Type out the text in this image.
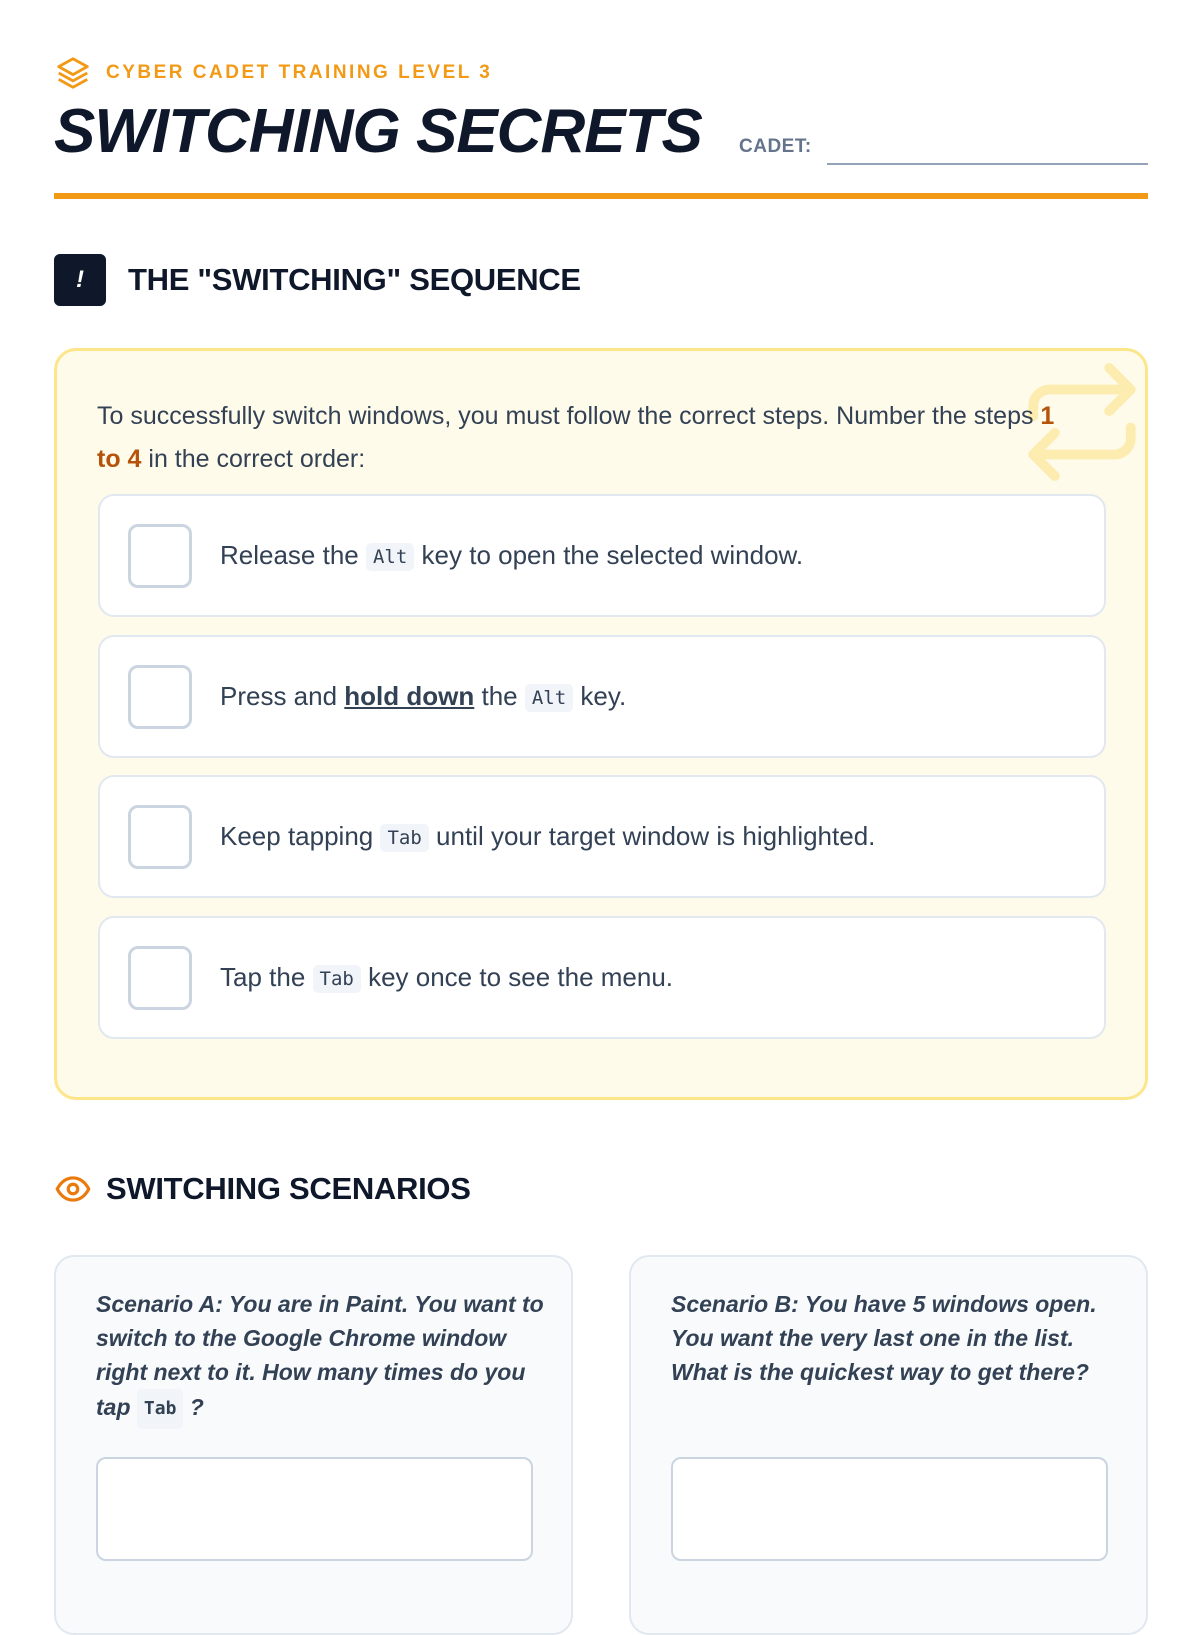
CYBER CADET TRAINING LEVEL 3
SWITCHING SECRETS CADET:
!	THE "SWITCHING" SEQUENCE

To successfully switch windows, you must follow the correct steps. Number the steps 1 to 4 in the correct order:

Release the Alt key to open the selected window.
Press and hold down the Alt key.
Keep tapping Tab until your target window is highlighted.
Tap the Tab key once to see the menu.
SWITCHING SCENARIOS

Scenario A: You are in Paint. You want to switch to the Google Chrome window right next to it. How many times do you tap Tab ?

Scenario B: You have 5 windows open. You want the very last one in the list. What is the quickest way to get there?
